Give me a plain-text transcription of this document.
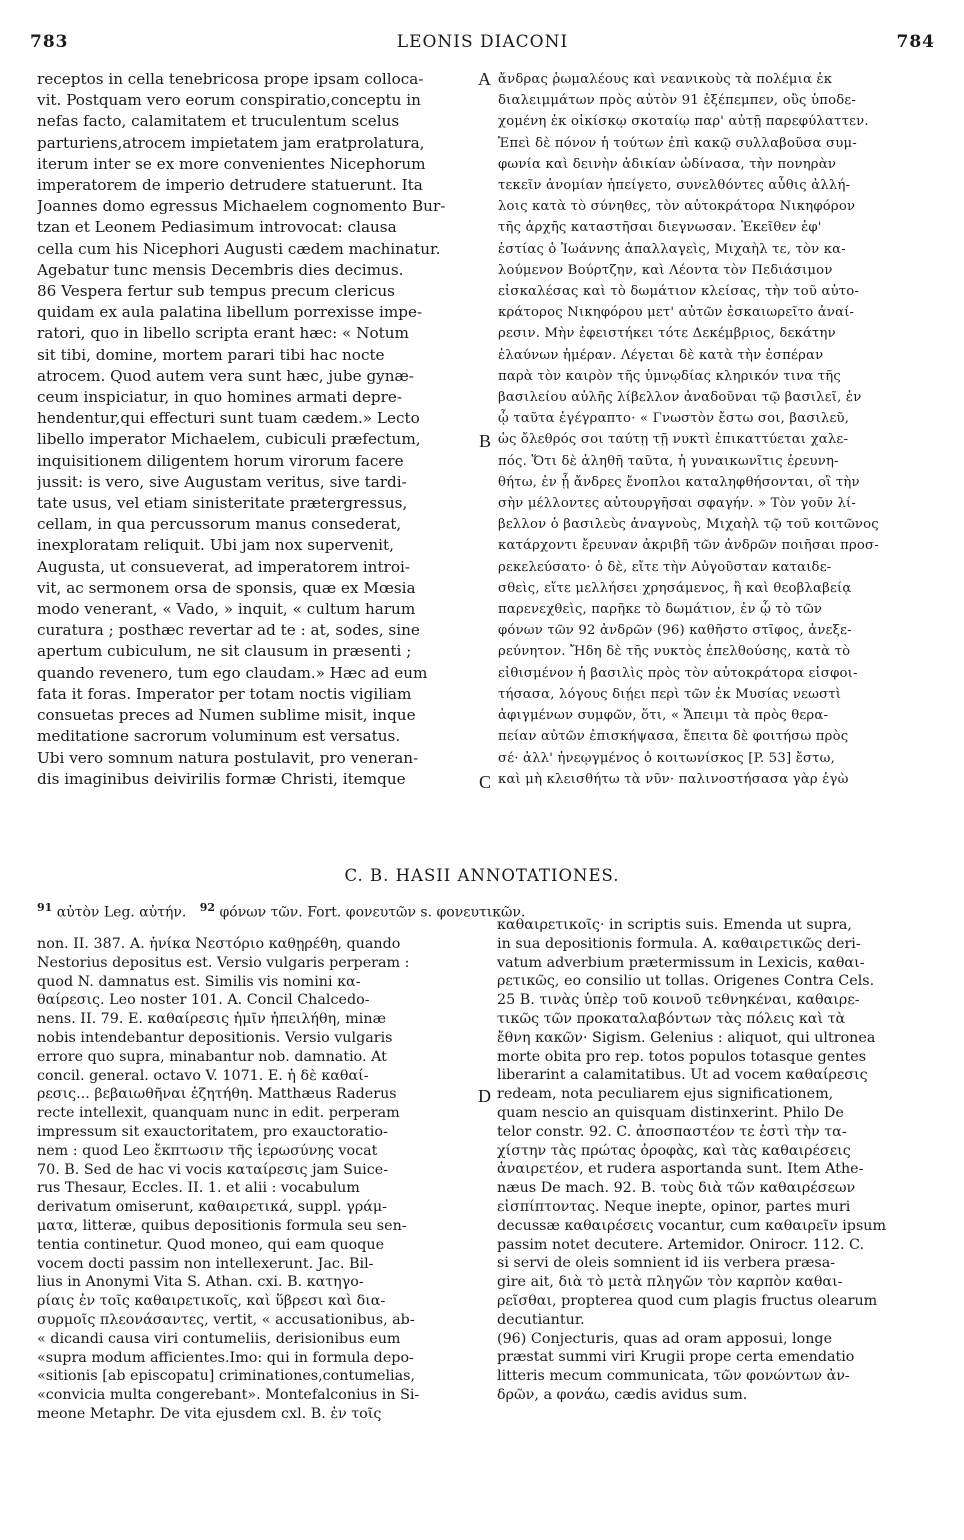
783	LEONIS DIACONI	784
receptos in cella tenebricosa prope ipsam colloca-
vit. Postquam vero eorum conspiratio,conceptu in
nefas facto, calamitatem et truculentum scelus
parturiens,atrocem impietatem jam eratprolatura,
iterum inter se ex more convenientes Nicephorum
imperatorem de imperio detrudere statuerunt. Ita
Joannes domo egressus Michaelem cognomento Bur-
tzan et Leonem Pediasimum introvocat: clausa
cella cum his Nicephori Augusti cædem machinatur.
Agebatur tunc mensis Decembris dies decimus.
86 Vespera fertur sub tempus precum clericus
quidam ex aula palatina libellum porrexisse impe-
ratori, quo in libello scripta erant hæc: « Notum
sit tibi, domine, mortem parari tibi hac nocte
atrocem. Quod autem vera sunt hæc, jube gynæ-
ceum inspiciatur, in quo homines armati depre-
hendentur,qui effecturi sunt tuam cædem.» Lecto
libello imperator Michaelem, cubiculi præfectum,
inquisitionem diligentem horum virorum facere
jussit: is vero, sive Augustam veritus, sive tardi-
tate usus, vel etiam sinisteritate prætergressus,
cellam, in qua percussorum manus consederat,
inexploratam reliquit. Ubi jam nox supervenit,
Augusta, ut consueverat, ad imperatorem introi-
vit, ac sermonem orsa de sponsis, quæ ex Mœsia
modo venerant, « Vado, » inquit, « cultum harum
curatura ; posthæc revertar ad te : at, sodes, sine
apertum cubiculum, ne sit clausum in præsenti ;
quando revenero, tum ego claudam.» Hæc ad eum
fata it foras. Imperator per totam noctis vigiliam
consuetas preces ad Numen sublime misit, inque
meditatione sacrorum voluminum est versatus.
Ubi vero somnum natura postulavit, pro veneran-
dis imaginibus deivirilis formæ Christi, itemque
ἄνδρας ῥωμαλέους καὶ νεανικοὺς τὰ πολέμια ἐκ
διαλειμμάτων πρὸς αὐτὸν 91 ἐξέπεμπεν, οὓς ὑποδε-
χομένη ἐκ οἰκίσκῳ σκοταίῳ παρ' αὐτῇ παρεφύλαττεν.
Ἐπεὶ δὲ πόνον ἡ τούτων ἐπὶ κακῷ συλλαβοῦσα συμ-
φωνία καὶ δεινὴν ἀδικίαν ὠδίνασα, τὴν πονηρὰν
τεκεῖν ἀνομίαν ἠπείγετο, συνελθόντες αὖθις ἀλλή-
λοις κατὰ τὸ σύνηθες, τὸν αὐτοκράτορα Νικηφόρον
τῆς ἀρχῆς καταστῆσαι διεγνωσαν. Ἐκεῖθεν ἐφ'
ἑστίας ὁ Ἰωάννης ἀπαλλαγεὶς, Μιχαὴλ τε, τὸν κα-
λούμενον Βούρτζην, καὶ Λέοντα τὸν Πεδιάσιμον
εἰσκαλέσας καὶ τὸ δωμάτιον κλείσας, τὴν τοῦ αὐτο-
κράτορος Νικηφόρου μετ' αὐτῶν ἐσκαιωρεῖτο ἀναί-
ρεσιν. Μὴν ἐφειστήκει τότε Δεκέμβριος, δεκάτην
ἐλαύνων ἡμέραν. Λέγεται δὲ κατὰ τὴν ἑσπέραν
παρὰ τὸν καιρὸν τῆς ὑμνῳδίας κληρικόν τινα τῆς
βασιλείου αὐλῆς λίβελλον ἀναδοῦναι τῷ βασιλεῖ, ἐν
ᾧ ταῦτα ἐγέγραπτο· « Γνωστὸν ἔστω σοι, βασιλεῦ,
ὡς ὄλεθρός σοι ταύτῃ τῇ νυκτὶ ἐπικαττύεται χαλε-
πός. Ὅτι δὲ ἀληθῆ ταῦτα, ἡ γυναικωνῖτις ἐρευνη-
θήτω, ἐν ᾗ ἄνδρες ἔνοπλοι καταληφθήσονται, οἳ τὴν
σὴν μέλλοντες αὐτουργῆσαι σφαγήν. » Τὸν γοῦν λί-
βελλον ὁ βασιλεὺς ἀναγνοὺς, Μιχαὴλ τῷ τοῦ κοιτῶνος
κατάρχοντι ἔρευναν ἀκριβῆ τῶν ἀνδρῶν ποιῆσαι προσ-
ρεκελεύσατο· ὁ δὲ, εἴτε τὴν Αὐγοῦσταν καταιδε-
σθεὶς, εἴτε μελλήσει χρησάμενος, ἢ καὶ θεοβλαβείᾳ
παρενεχθεὶς, παρῆκε τὸ δωμάτιον, ἐν ᾧ τὸ τῶν
φόνων τῶν 92 ἀνδρῶν (96) καθῆστο στῖφος, ἀνεξε-
ρεύνητον. Ἤδη δὲ τῆς νυκτὸς ἐπελθούσης, κατὰ τὸ
εἰθισμένον ἡ βασιλὶς πρὸς τὸν αὐτοκράτορα εἰσφοι-
τήσασα, λόγους διῄει περὶ τῶν ἐκ Μυσίας νεωστὶ
ἀφιγμένων συμφῶν, ὅτι, « Ἄπειμι τὰ πρὸς θερα-
πείαν αὐτῶν ἐπισκήψασα, ἔπειτα δὲ φοιτήσω πρὸς
σέ· ἀλλ' ἠνεῳγμένος ὁ κοιτωνίσκος [P. 53] ἔστω,
καὶ μὴ κλεισθήτω τὰ νῦν· παλινοστήσασα γὰρ ἐγὼ
A
B
C
D
C. B. HASII ANNOTATIONES.
$^{91}$ αὐτὸν Leg. αὐτήν. $^{92}$ φόνων τῶν. Fort. φονευτῶν s. φονευτικῶν.
non. II. 387. A. ἡνίκα Νεστόριο καθῃρέθη, quando
Nestorius depositus est. Versio vulgaris perperam :
quod N. damnatus est. Similis vis nomini κα-
θαίρεσις. Leo noster 101. A. Concil Chalcedo-
nens. II. 79. E. καθαίρεσις ἡμῖν ἠπειλήθη, minæ
nobis intendebantur depositionis. Versio vulgaris
errore quo supra, minabantur nob. damnatio. At
concil. general. octavo V. 1071. E. ἡ δὲ καθαί-
ρεσις... βεβαιωθῆναι ἐζητήθη. Matthæus Raderus
recte intellexit, quanquam nunc in edit. perperam
impressum sit exauctoritatem, pro exauctoratio-
nem : quod Leo ἔκπτωσιν τῆς ἱερωσύνης vocat
70. B. Sed de hac vi vocis καταίρεσις jam Suice-
rus Thesaur, Eccles. II. 1. et alii : vocabulum
derivatum omiserunt, καθαιρετικά, suppl. γράμ-
ματα, litteræ, quibus depositionis formula seu sen-
tentia continetur. Quod moneo, qui eam quoque
vocem docti passim non intellexerunt. Jac. Bil-
lius in Anonymi Vita S. Athan. cxi. B. κατηγο-
ρίαις ἐν τοῖς καθαιρετικοῖς, καὶ ὕβρεσι καὶ δια-
συρμοῖς πλεονάσαντες, vertit, « accusationibus, ab-
« dicandi causa viri contumeliis, derisionibus eum
«supra modum afficientes.Imo: qui in formula depo-
«sitionis [ab episcopatu] criminationes,contumelias,
«convicia multa congerebant». Montefalconius in Si-
meone Metaphr. De vita ejusdem cxl. B. ἐν τοῖς
καθαιρετικοῖς· in scriptis suis. Emenda ut supra,
in sua depositionis formula. A. καθαιρετικῶς deri-
vatum adverbium prætermissum in Lexicis, καθαι-
ρετικῶς, eo consilio ut tollas. Origenes Contra Cels.
25 B. τινὰς ὑπὲρ τοῦ κοινοῦ τεθνηκέναι, καθαιρε-
τικῶς τῶν προκαταλαβόντων τὰς πόλεις καὶ τὰ
ἔθνη κακῶν· Sigism. Gelenius : aliquot, qui ultronea
morte obita pro rep. totos populos totasque gentes
liberarint a calamitatibus. Ut ad vocem καθαίρεσις
redeam, nota peculiarem ejus significationem,
quam nescio an quisquam distinxerint. Philo De
telor constr. 92. C. ἀποσπαστέον τε ἐστὶ τὴν τα-
χίστην τὰς πρώτας ὀροφὰς, καὶ τὰς καθαιρέσεις
ἀναιρετέον, et rudera asportanda sunt. Item Athe-
næus De mach. 92. B. τοὺς διὰ τῶν καθαιρέσεων
εἰσπίπτοντας. Neque inepte, opinor, partes muri
decussæ καθαιρέσεις vocantur, cum καθαιρεῖν ipsum
passim notet decutere. Artemidor. Onirocr. 112. C.
si servi de oleis somnient id iis verbera præsa-
gire ait, διὰ τὸ μετὰ πληγῶν τὸν καρπὸν καθαι-
ρεῖσθαι, propterea quod cum plagis fructus olearum
decutiantur.
(96) Conjecturis, quas ad oram apposui, longe
præstat summi viri Krugii prope certa emendatio
litteris mecum communicata, τῶν φονώντων ἀν-
δρῶν, a φονάω, cædis avidus sum.
